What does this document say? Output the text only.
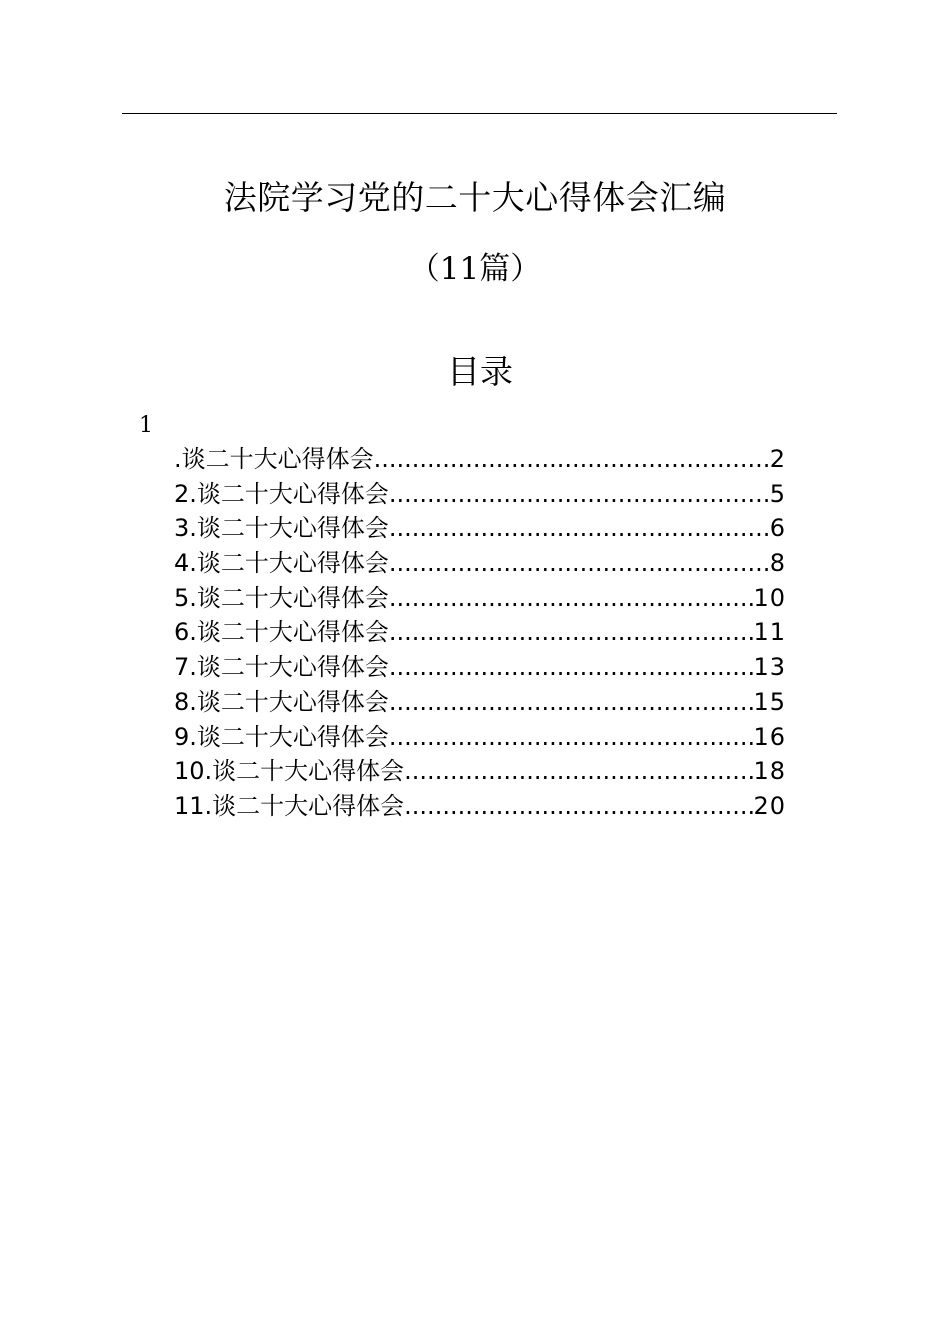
法院学习党的二十大心得体会汇编
（11篇）
目录
1
.谈二十大心得体会 .....	2
2.谈二十大心得体会 .....	5
3.谈二十大心得体会 .....	6
4.谈二十大心得体会 .....	8
5.谈二十大心得体会 .....	10
6.谈二十大心得体会 .....	11
7.谈二十大心得体会 .....	13
8.谈二十大心得体会 .....	15
9.谈二十大心得体会 .....	16
10.谈二十大心得体会 .....	18
11.谈二十大心得体会 .....	20
